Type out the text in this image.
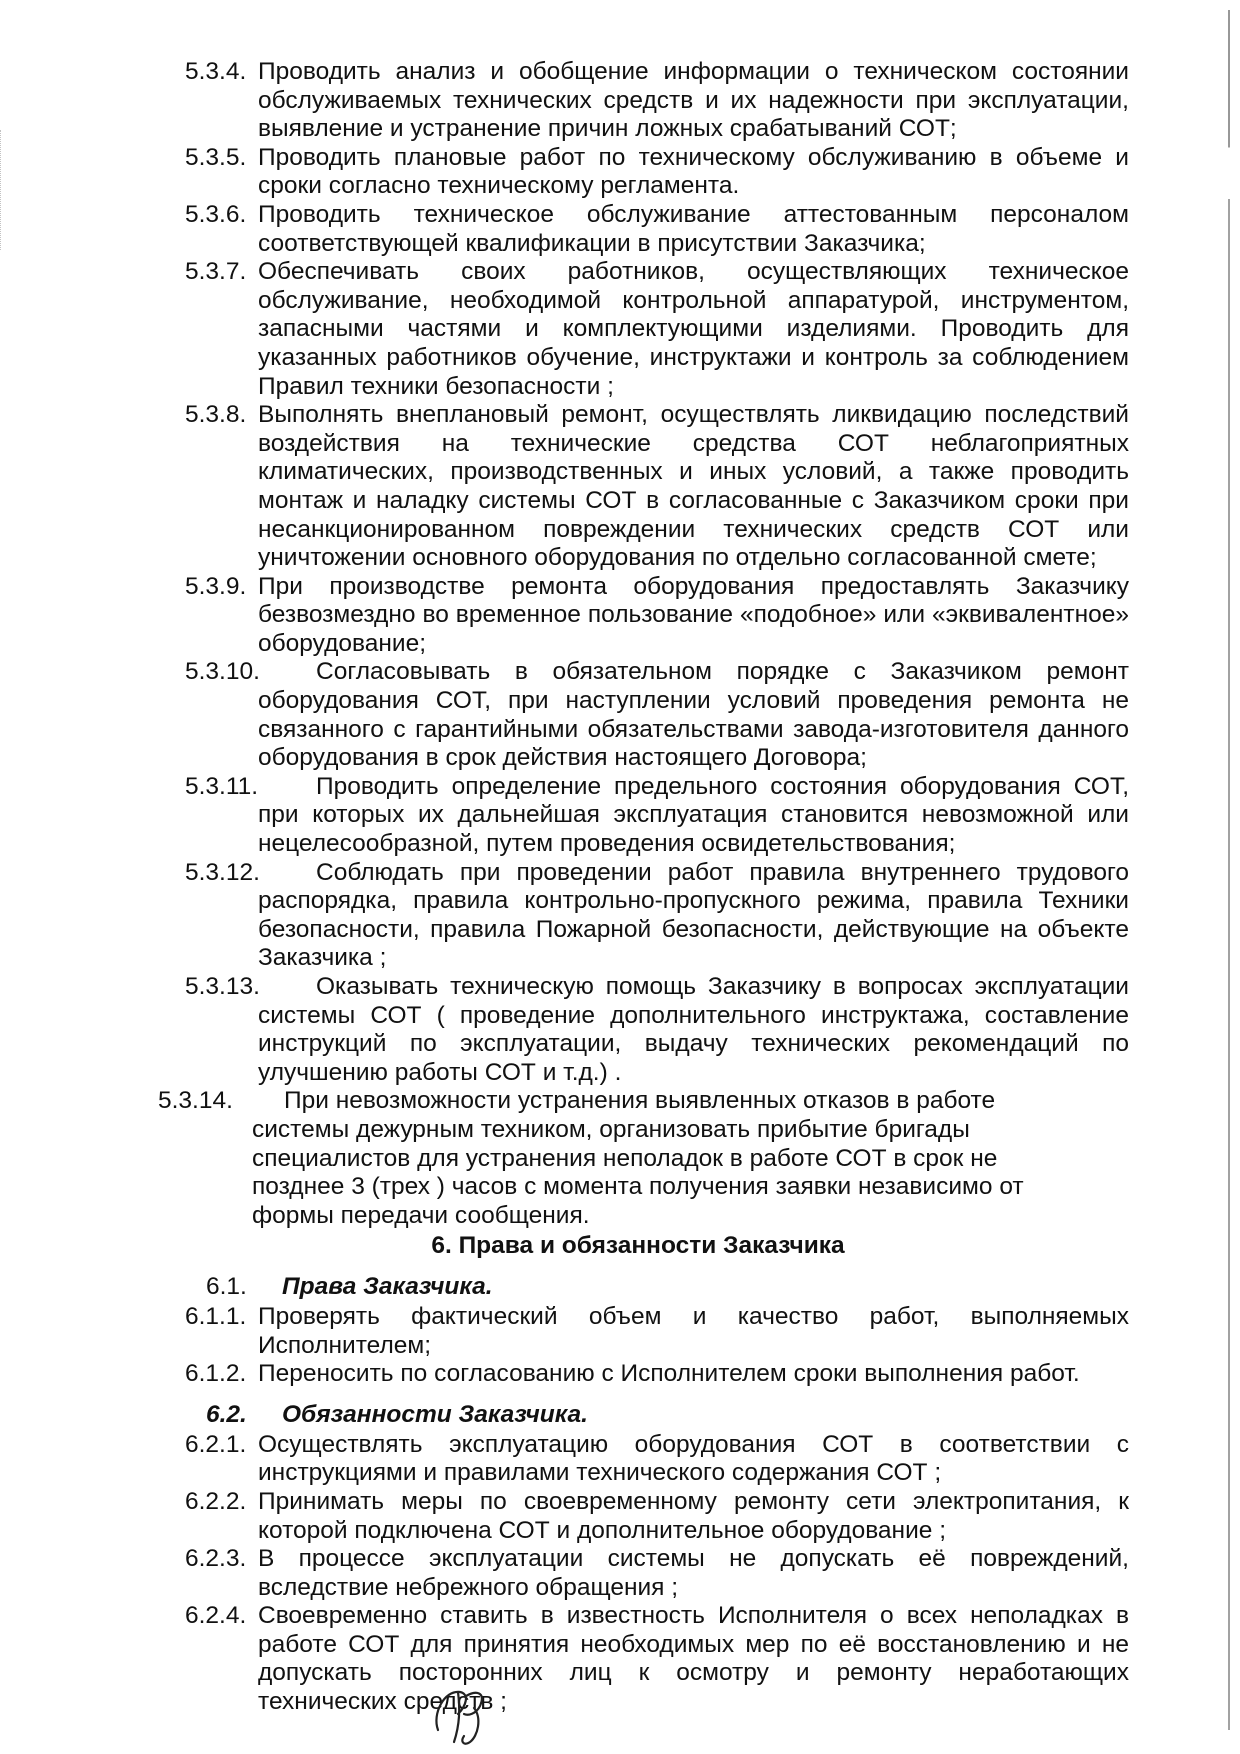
5.3.4. Проводить анализ и обобщение информации о техническом состоянии обслуживаемых технических средств и их надежности при эксплуатации, выявление и устранение причин ложных срабатываний СОТ;
5.3.5. Проводить плановые работ по техническому обслуживанию в объеме и сроки согласно техническому регламента.
5.3.6. Проводить техническое обслуживание аттестованным персоналом соответствующей квалификации в присутствии Заказчика;
5.3.7. Обеспечивать своих работников, осуществляющих техническое обслуживание, необходимой контрольной аппаратурой, инструментом, запасными частями и комплектующими изделиями. Проводить для указанных работников обучение, инструктажи и контроль за соблюдением Правил техники безопасности ;
5.3.8. Выполнять внеплановый ремонт, осуществлять ликвидацию последствий воздействия на технические средства СОТ неблагоприятных климатических, производственных и иных условий, а также проводить монтаж и наладку системы СОТ в согласованные с Заказчиком сроки при несанкционированном повреждении технических средств СОТ или уничтожении основного оборудования по отдельно согласованной смете;
5.3.9. При производстве ремонта оборудования предоставлять Заказчику безвозмездно во временное пользование «подобное» или «эквивалентное» оборудование;
5.3.10.	Согласовывать в обязательном порядке с Заказчиком ремонт оборудования СОТ, при наступлении условий проведения ремонта не связанного с гарантийными обязательствами завода-изготовителя данного оборудования в срок действия настоящего Договора;
5.3.11.	Проводить определение предельного состояния оборудования СОТ, при которых их дальнейшая эксплуатация становится невозможной или нецелесообразной, путем проведения освидетельствования;
5.3.12.	Соблюдать при проведении работ правила внутреннего трудового распорядка, правила контрольно-пропускного режима, правила Техники безопасности, правила Пожарной безопасности, действующие на объекте Заказчика ;
5.3.13.	Оказывать техническую помощь Заказчику в вопросах эксплуатации системы СОТ ( проведение дополнительного инструктажа, составление инструкций по эксплуатации, выдачу технических рекомендаций по улучшению работы СОТ и т.д.) .
5.3.14.	При невозможности устранения выявленных отказов в работе системы дежурным техником, организовать прибытие бригады специалистов для устранения неполадок в работе СОТ в срок не позднее 3 (трех ) часов с момента получения заявки независимо от формы передачи сообщения.
6. Права и обязанности Заказчика
6.1. Права Заказчика.
6.1.1. Проверять фактический объем и качество работ, выполняемых Исполнителем;
6.1.2. Переносить по согласованию с Исполнителем сроки выполнения работ.
6.2. Обязанности Заказчика.
6.2.1. Осуществлять эксплуатацию оборудования СОТ в соответствии с инструкциями и правилами технического содержания СОТ ;
6.2.2. Принимать меры по своевременному ремонту сети электропитания, к которой подключена СОТ и дополнительное оборудование ;
6.2.3. В процессе эксплуатации системы не допускать её повреждений, вследствие небрежного обращения ;
6.2.4. Своевременно ставить в известность Исполнителя о всех неполадках в работе СОТ для принятия необходимых мер по её восстановлению и не допускать посторонних лиц к осмотру и ремонту неработающих технических средств ;
